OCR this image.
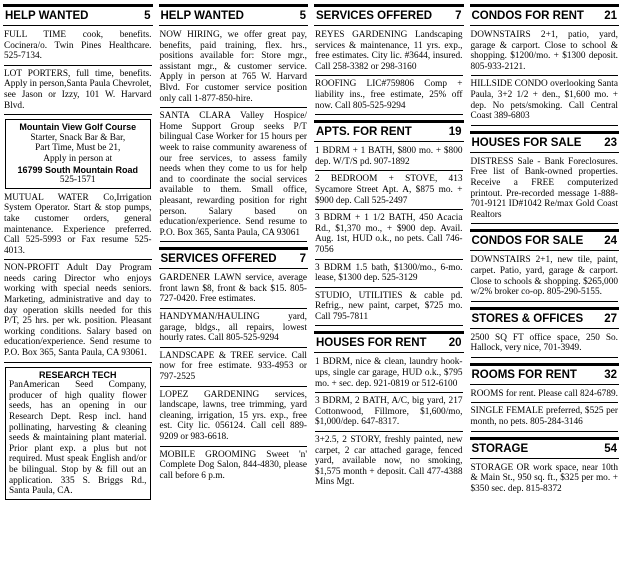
HELP WANTED	5
FULL TIME cook, benefits. Cocinera/o. Twin Pines Healthcare. 525-7134.
LOT PORTERS, full time, benefits. Apply in person,Santa Paula Chevrolet, see Jason or Izzy, 101 W. Harvard Blvd.
Mountain View Golf Course
Starter, Snack Bar & Bar,
Part Time, Must be 21,
Apply in person at
16799 South Mountain Road
525-1571
MUTUAL WATER Co,Irrigation System Operator. Start & stop pumps, take customer orders, general maintenance. Experience preferred. Call 525-5993 or Fax resume 525-4013.
NON-PROFIT Adult Day Program needs caring Director who enjoys working with special needs seniors. Marketing, administrative and day to day operation skills needed for this P/T, 25 hrs. per wk. position. Pleasant working conditions. Salary based on education/experience. Send resume to P.O. Box 365, Santa Paula, CA 93061.
RESEARCH TECH
PanAmerican Seed Company, producer of high quality flower seeds, has an opening in our Research Dept. Resp incl. hand pollinating, harvesting & cleaning seeds & maintaining plant material. Prior plant exp. a plus but not required. Must speak English and/or be bilingual. Stop by & fill out an application. 335 S. Briggs Rd., Santa Paula, CA.
HELP WANTED	5
NOW HIRING, we offer great pay, benefits, paid training, flex. hrs., positions available for: Store mgr., assistant mgr., & customer service. Apply in person at 765 W. Harvard Blvd. For customer service position only call 1-877-850-hire.
SANTA CLARA Valley Hospice/ Home Support Group seeks P/T bilingual Case Worker for 15 hours per week to raise community awareness of our free services, to assess family needs when they come to us for help and to coordinate the social services available to them. Small office, pleasant, rewarding position for right person. Salary based on education/experience. Send resume to P.O. Box 365, Santa Paula, CA 93061
SERVICES OFFERED 7
GARDENER LAWN service, average front lawn $8, front & back $15. 805-727-0420. Free estimates.
HANDYMAN/HAULING yard, garage, bldgs., all repairs, lowest hourly rates. Call 805-525-9294
LANDSCAPE & TREE service. Call now for free estimate. 933-4953 or 797-2525
LOPEZ GARDENING services, landscape, lawns, tree trimming, yard cleaning, irrigation, 15 yrs. exp., free est. City lic. 056124. Call cell 889-9209 or 983-6618.
MOBILE GROOMING Sweet 'n' Complete Dog Salon, 844-4830, please call before 6 p.m.
SERVICES OFFERED 7
REYES GARDENING Landscaping services & maintenance, 11 yrs. exp., free estimates. City lic. #3644, insured. Call 258-3382 or 298-3160
ROOFING LIC#759806 Comp + liability ins., free estimate, 25% off now. Call 805-525-9294
APTS. FOR RENT	19
1 BDRM + 1 BATH, $800 mo. + $800 dep. W/T/S pd. 907-1892
2 BEDROOM + STOVE, 413 Sycamore Street Apt. A, $875 mo. + $900 dep. Call 525-2497
3 BDRM + 1 1/2 BATH, 450 Acacia Rd., $1,370 mo., + $900 dep. Avail. Aug. 1st, HUD o.k., no pets. Call 746-7056
3 BDRM 1.5 bath, $1300/mo., 6-mo. lease, $1300 dep. 525-3129
STUDIO, UTILITIES & cable pd. Refrig., new paint, carpet, $725 mo. Call 795-7811
HOUSES FOR RENT 20
1 BDRM, nice & clean, laundry hook-ups, single car garage, HUD o.k., $795 mo. + sec. dep. 921-0819 or 512-6100
3 BDRM, 2 BATH, A/C, big yard, 217 Cottonwood, Fillmore, $1,600/mo, $1,000/dep. 647-8317.
3+2.5, 2 STORY, freshly painted, new carpet, 2 car attached garage, fenced yard, available now, no smoking, $1,575 month + deposit. Call 477-4388 Mins Mgt.
CONDOS FOR RENT 21
DOWNSTAIRS 2+1, patio, yard, garage & carport. Close to school & shopping. $1200/mo. + $1300 deposit. 805-933-2121.
HILLSIDE CONDO overlooking Santa Paula, 3+2 1/2 + den., $1,600 mo. + dep. No pets/smoking. Call Central Coast 389-6803
HOUSES FOR SALE 23
DISTRESS Sale - Bank Foreclosures. Free list of Bank-owned properties. Receive a FREE computerized printout. Pre-recorded message 1-888-701-9121 ID#1042 Re/max Gold Coast Realtors
CONDOS FOR SALE 24
DOWNSTAIRS 2+1, new tile, paint, carpet. Patio, yard, garage & carport. Close to schools & shopping. $265,000 w/2% broker co-op. 805-290-5155.
STORES & OFFICES 27
2500 SQ FT office space, 250 So. Hallock, very nice, 701-3949.
ROOMS FOR RENT 32
ROOMS for rent. Please call 824-6789.
SINGLE FEMALE preferred, $525 per month, no pets. 805-284-3146
STORAGE	54
STORAGE OR work space, near 10th & Main St., 950 sq. ft., $325 per mo. + $350 sec. dep. 815-8372
